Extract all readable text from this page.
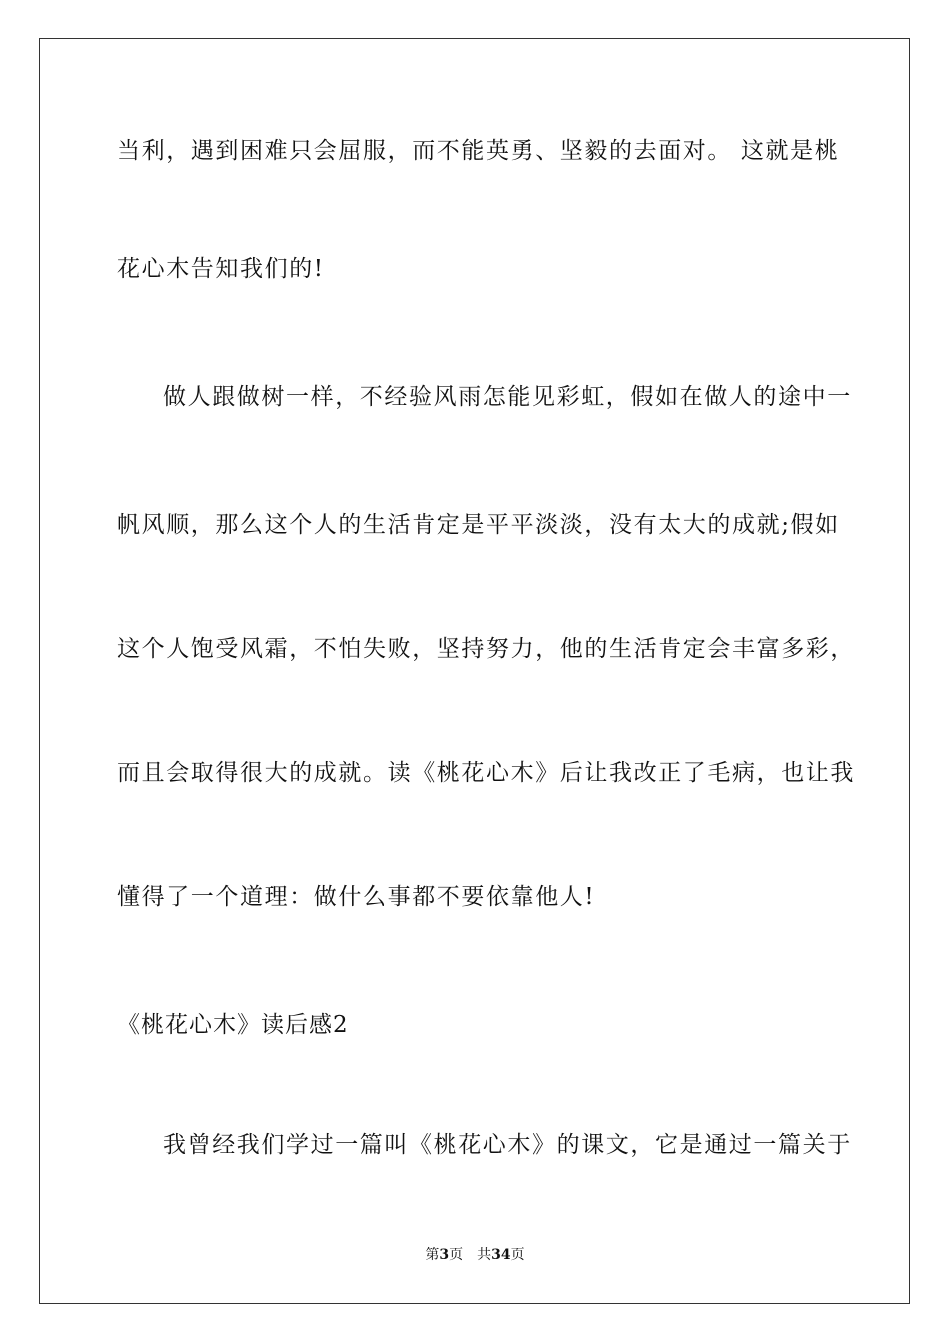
当利，遇到困难只会屈服，而不能英勇、坚毅的去面对。 这就是桃
花心木告知我们的!
做人跟做树一样，不经验风雨怎能见彩虹，假如在做人的途中一
帆风顺，那么这个人的生活肯定是平平淡淡，没有太大的成就;假如
这个人饱受风霜，不怕失败，坚持努力，他的生活肯定会丰富多彩，
而且会取得很大的成就。读《桃花心木》后让我改正了毛病，也让我
懂得了一个道理：做什么事都不要依靠他人!
《桃花心木》读后感2
我曾经我们学过一篇叫《桃花心木》的课文，它是通过一篇关于
第3页 共34页
